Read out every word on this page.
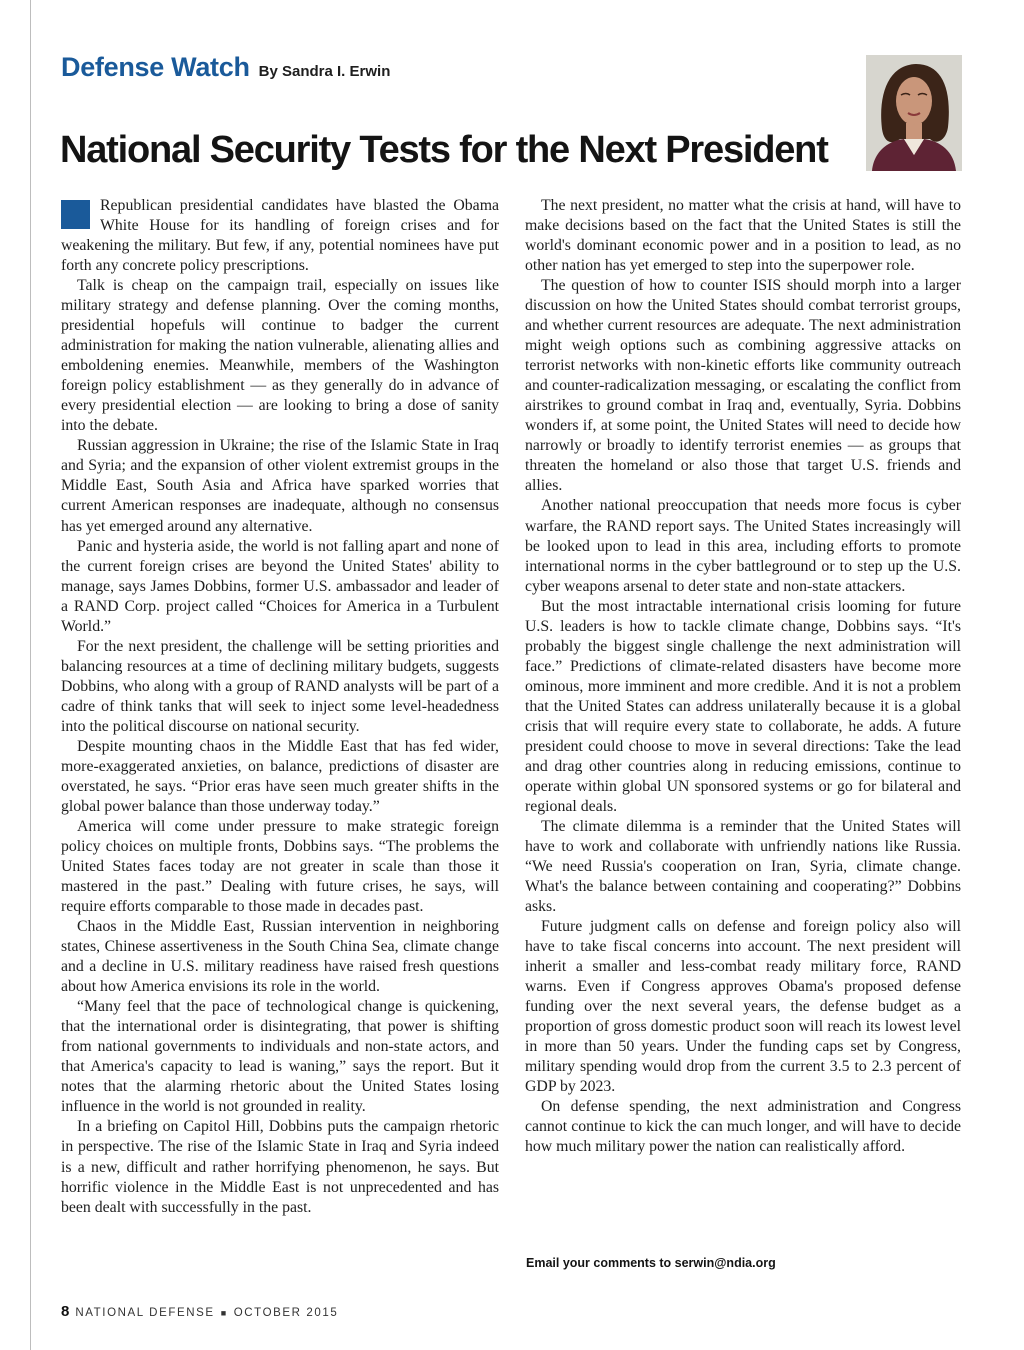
Defense Watch By Sandra I. Erwin
National Security Tests for the Next President

Republican presidential candidates have blasted the Obama White House for its handling of foreign crises and for weakening the military. But few, if any, potential nominees have put forth any concrete policy prescriptions.

Talk is cheap on the campaign trail, especially on issues like military strategy and defense planning. Over the coming months, presidential hopefuls will continue to badger the current administration for making the nation vulnerable, alienating allies and emboldening enemies. Meanwhile, members of the Washington foreign policy establishment — as they generally do in advance of every presidential election — are looking to bring a dose of sanity into the debate.

Russian aggression in Ukraine; the rise of the Islamic State in Iraq and Syria; and the expansion of other violent extremist groups in the Middle East, South Asia and Africa have sparked worries that current American responses are inadequate, although no consensus has yet emerged around any alternative.

Panic and hysteria aside, the world is not falling apart and none of the current foreign crises are beyond the United States' ability to manage, says James Dobbins, former U.S. ambassador and leader of a RAND Corp. project called “Choices for America in a Turbulent World.”

For the next president, the challenge will be setting priorities and balancing resources at a time of declining military budgets, suggests Dobbins, who along with a group of RAND analysts will be part of a cadre of think tanks that will seek to inject some level-headedness into the political discourse on national security.

Despite mounting chaos in the Middle East that has fed wider, more-exaggerated anxieties, on balance, predictions of disaster are overstated, he says. “Prior eras have seen much greater shifts in the global power balance than those underway today.”

America will come under pressure to make strategic foreign policy choices on multiple fronts, Dobbins says. “The problems the United States faces today are not greater in scale than those it mastered in the past.” Dealing with future crises, he says, will require efforts comparable to those made in decades past.

Chaos in the Middle East, Russian intervention in neighboring states, Chinese assertiveness in the South China Sea, climate change and a decline in U.S. military readiness have raised fresh questions about how America envisions its role in the world.

“Many feel that the pace of technological change is quickening, that the international order is disintegrating, that power is shifting from national governments to individuals and non-state actors, and that America's capacity to lead is waning,” says the report. But it notes that the alarming rhetoric about the United States losing influence in the world is not grounded in reality.

In a briefing on Capitol Hill, Dobbins puts the campaign rhetoric in perspective. The rise of the Islamic State in Iraq and Syria indeed is a new, difficult and rather horrifying phenomenon, he says. But horrific violence in the Middle East is not unprecedented and has been dealt with successfully in the past.

The next president, no matter what the crisis at hand, will have to make decisions based on the fact that the United States is still the world's dominant economic power and in a position to lead, as no other nation has yet emerged to step into the superpower role.

The question of how to counter ISIS should morph into a larger discussion on how the United States should combat terrorist groups, and whether current resources are adequate. The next administration might weigh options such as combining aggressive attacks on terrorist networks with non-kinetic efforts like community outreach and counter-radicalization messaging, or escalating the conflict from airstrikes to ground combat in Iraq and, eventually, Syria. Dobbins wonders if, at some point, the United States will need to decide how narrowly or broadly to identify terrorist enemies — as groups that threaten the homeland or also those that target U.S. friends and allies.

Another national preoccupation that needs more focus is cyber warfare, the RAND report says. The United States increasingly will be looked upon to lead in this area, including efforts to promote international norms in the cyber battleground or to step up the U.S. cyber weapons arsenal to deter state and non-state attackers.

But the most intractable international crisis looming for future U.S. leaders is how to tackle climate change, Dobbins says. “It's probably the biggest single challenge the next administration will face.” Predictions of climate-related disasters have become more ominous, more imminent and more credible. And it is not a problem that the United States can address unilaterally because it is a global crisis that will require every state to collaborate, he adds. A future president could choose to move in several directions: Take the lead and drag other countries along in reducing emissions, continue to operate within global UN sponsored systems or go for bilateral and regional deals.

The climate dilemma is a reminder that the United States will have to work and collaborate with unfriendly nations like Russia. “We need Russia's cooperation on Iran, Syria, climate change. What's the balance between containing and cooperating?” Dobbins asks.

Future judgment calls on defense and foreign policy also will have to take fiscal concerns into account. The next president will inherit a smaller and less-combat ready military force, RAND warns. Even if Congress approves Obama's proposed defense funding over the next several years, the defense budget as a proportion of gross domestic product soon will reach its lowest level in more than 50 years. Under the funding caps set by Congress, military spending would drop from the current 3.5 to 2.3 percent of GDP by 2023.

On defense spending, the next administration and Congress cannot continue to kick the can much longer, and will have to decide how much military power the nation can realistically afford.

Email your comments to serwin@ndia.org
8 NATIONAL DEFENSE ■ OCTOBER 2015
